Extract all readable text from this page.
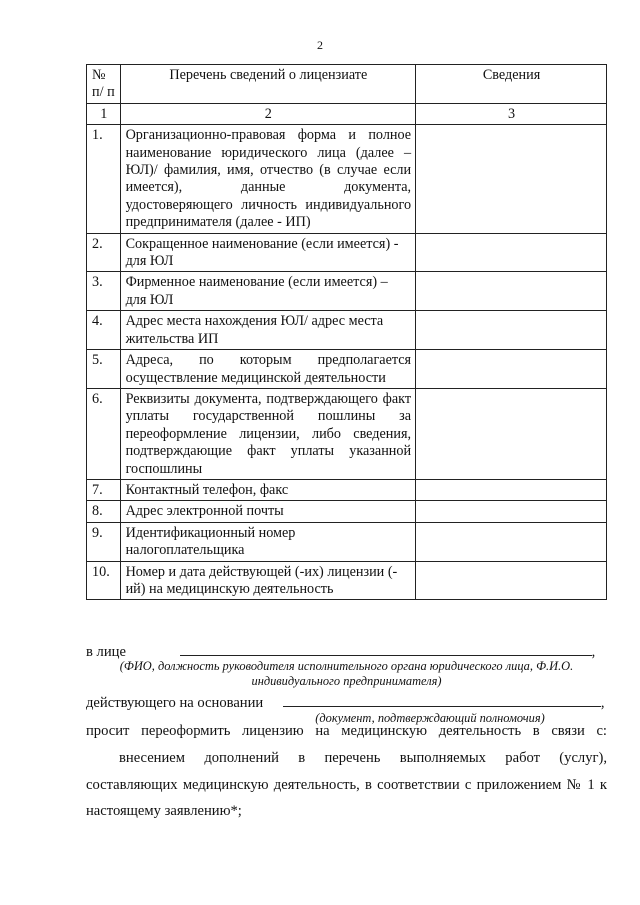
2
№ п/ п	Перечень сведений о лицензиате	Сведения
1	2	3
1.	Организационно-правовая форма и полное наименование юридического лица (далее – ЮЛ)/ фамилия, имя, отчество (в случае если имеется), данные документа, удостоверяющего личность индивидуального предпринимателя (далее - ИП)	
2.	Сокращенное наименование (если имеется) - для ЮЛ	
3.	Фирменное наименование (если имеется) – для ЮЛ	
4.	Адрес места нахождения ЮЛ/ адрес места жительства ИП	
5.	Адреса, по которым предполагается осуществление медицинской деятельности	
6.	Реквизиты документа, подтверждающего факт уплаты государственной пошлины за переоформление лицензии, либо сведения, подтверждающие факт уплаты указанной госпошлины	
7.	Контактный телефон, факс	
8.	Адрес электронной почты	
9.	Идентификационный номер налогоплательщика	
10.	Номер и дата действующей (-их) лицензии (-ий) на медицинскую деятельность	
в лице	,
(ФИО, должность руководителя исполнительного органа юридического лица, Ф.И.О. индивидуального предпринимателя)
действующего на основании	,
(документ, подтверждающий полномочия)
просит переоформить лицензию на медицинскую деятельность в связи с:
внесением дополнений в перечень выполняемых работ (услуг), составляющих медицинскую деятельность, в соответствии с приложением № 1 к настоящему заявлению*;
